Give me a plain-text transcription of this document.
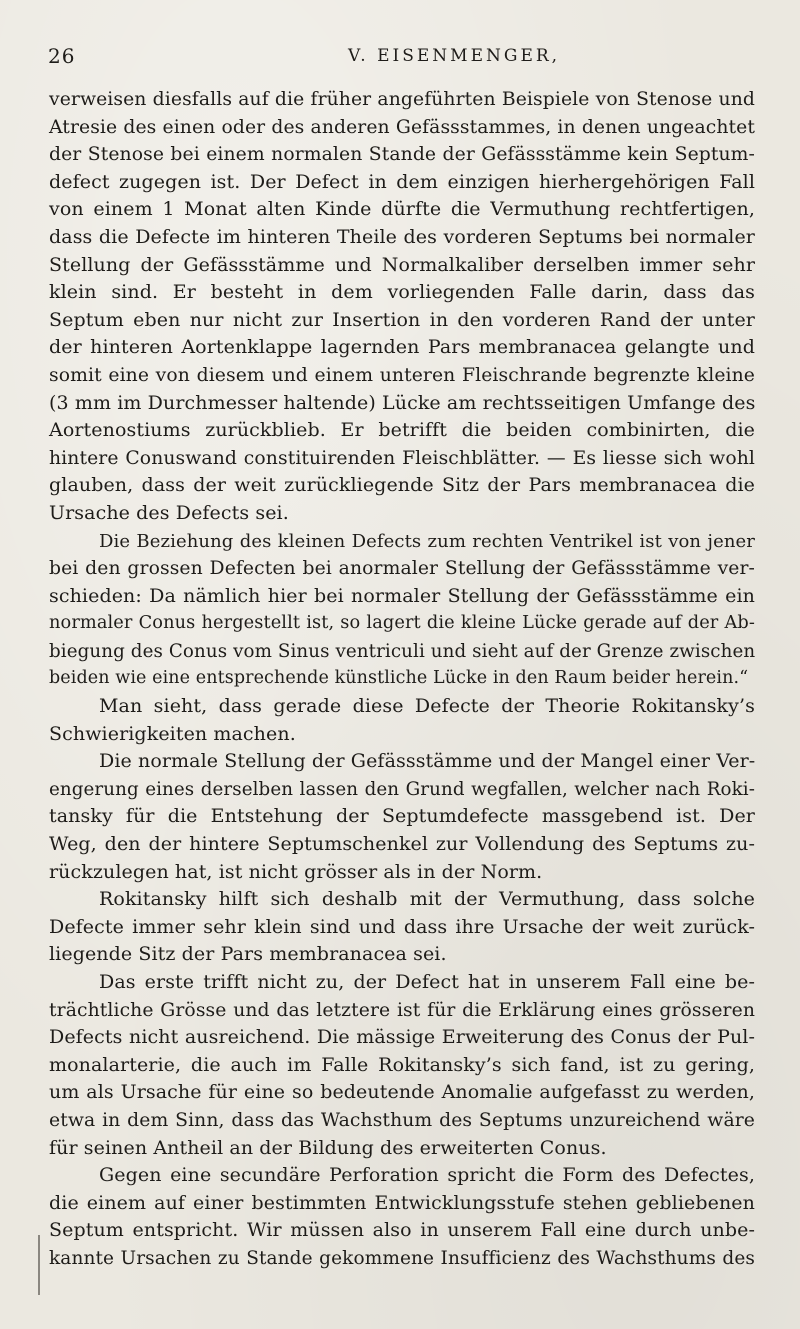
26	V. EISENMENGER,
verweisen diesfalls auf die früher angeführten Beispiele von Stenose und
Atresie des einen oder des anderen Gefässstammes, in denen ungeachtet
der Stenose bei einem normalen Stande der Gefässstämme kein Septum-
defect zugegen ist. Der Defect in dem einzigen hierhergehörigen Fall
von einem 1 Monat alten Kinde dürfte die Vermuthung rechtfertigen,
dass die Defecte im hinteren Theile des vorderen Septums bei normaler
Stellung der Gefässstämme und Normalkaliber derselben immer sehr
klein sind. Er besteht in dem vorliegenden Falle darin, dass das
Septum eben nur nicht zur Insertion in den vorderen Rand der unter
der hinteren Aortenklappe lagernden Pars membranacea gelangte und
somit eine von diesem und einem unteren Fleischrande begrenzte kleine
(3 mm im Durchmesser haltende) Lücke am rechtsseitigen Umfange des
Aortenostiums zurückblieb. Er betrifft die beiden combinirten, die
hintere Conuswand constituirenden Fleischblätter. — Es liesse sich wohl
glauben, dass der weit zurückliegende Sitz der Pars membranacea die
Ursache des Defects sei.
Die Beziehung des kleinen Defects zum rechten Ventrikel ist von jener
bei den grossen Defecten bei anormaler Stellung der Gefässstämme ver-
schieden: Da nämlich hier bei normaler Stellung der Gefässstämme ein
normaler Conus hergestellt ist, so lagert die kleine Lücke gerade auf der Ab-
biegung des Conus vom Sinus ventriculi und sieht auf der Grenze zwischen
beiden wie eine entsprechende künstliche Lücke in den Raum beider herein.“
Man sieht, dass gerade diese Defecte der Theorie Rokitansky’s
Schwierigkeiten machen.
Die normale Stellung der Gefässstämme und der Mangel einer Ver-
engerung eines derselben lassen den Grund wegfallen, welcher nach Roki-
tansky für die Entstehung der Septumdefecte massgebend ist. Der
Weg, den der hintere Septumschenkel zur Vollendung des Septums zu-
rückzulegen hat, ist nicht grösser als in der Norm.
Rokitansky hilft sich deshalb mit der Vermuthung, dass solche
Defecte immer sehr klein sind und dass ihre Ursache der weit zurück-
liegende Sitz der Pars membranacea sei.
Das erste trifft nicht zu, der Defect hat in unserem Fall eine be-
trächtliche Grösse und das letztere ist für die Erklärung eines grösseren
Defects nicht ausreichend. Die mässige Erweiterung des Conus der Pul-
monalarterie, die auch im Falle Rokitansky’s sich fand, ist zu gering,
um als Ursache für eine so bedeutende Anomalie aufgefasst zu werden,
etwa in dem Sinn, dass das Wachsthum des Septums unzureichend wäre
für seinen Antheil an der Bildung des erweiterten Conus.
Gegen eine secundäre Perforation spricht die Form des Defectes,
die einem auf einer bestimmten Entwicklungsstufe stehen gebliebenen
Septum entspricht. Wir müssen also in unserem Fall eine durch unbe-
kannte Ursachen zu Stande gekommene Insufficienz des Wachsthums des
